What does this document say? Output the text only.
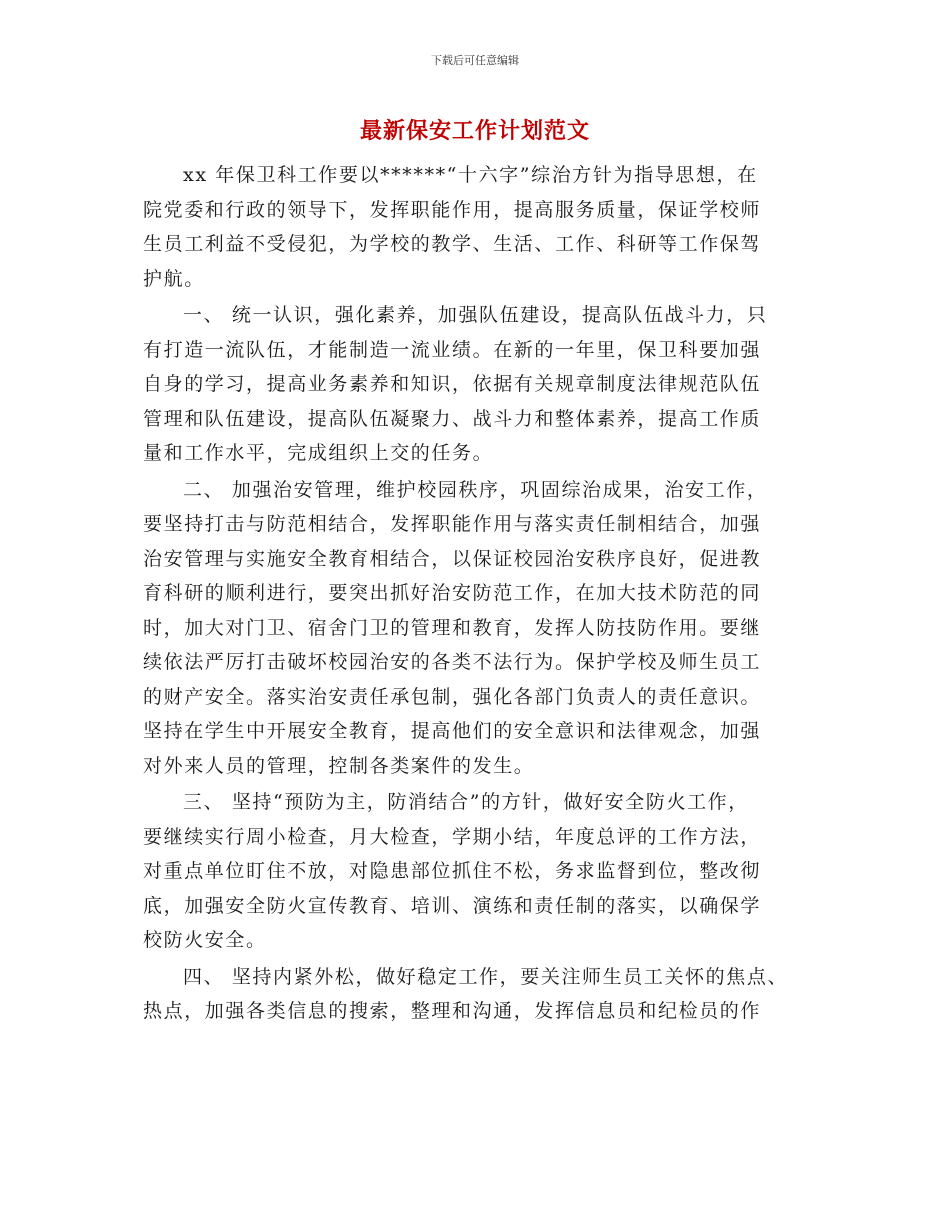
下载后可任意编辑
最新保安工作计划范文

xx 年保卫科工作要以******“十六字”综治方针为指导思想，在
院党委和行政的领导下，发挥职能作用，提高服务质量，保证学校师
生员工利益不受侵犯，为学校的教学、生活、工作、科研等工作保驾
护航。

一、 统一认识，强化素养，加强队伍建设，提高队伍战斗力，只
有打造一流队伍，才能制造一流业绩。在新的一年里，保卫科要加强
自身的学习，提高业务素养和知识，依据有关规章制度法律规范队伍
管理和队伍建设，提高队伍凝聚力、战斗力和整体素养，提高工作质
量和工作水平，完成组织上交的任务。

二、 加强治安管理，维护校园秩序，巩固综治成果，治安工作，
要坚持打击与防范相结合，发挥职能作用与落实责任制相结合，加强
治安管理与实施安全教育相结合，以保证校园治安秩序良好，促进教
育科研的顺利进行，要突出抓好治安防范工作，在加大技术防范的同
时，加大对门卫、宿舍门卫的管理和教育，发挥人防技防作用。要继
续依法严厉打击破坏校园治安的各类不法行为。保护学校及师生员工
的财产安全。落实治安责任承包制，强化各部门负责人的责任意识。
坚持在学生中开展安全教育，提高他们的安全意识和法律观念，加强
对外来人员的管理，控制各类案件的发生。

三、 坚持“预防为主，防消结合”的方针，做好安全防火工作，
要继续实行周小检查，月大检查，学期小结，年度总评的工作方法，
对重点单位盯住不放，对隐患部位抓住不松，务求监督到位，整改彻
底，加强安全防火宣传教育、培训、演练和责任制的落实，以确保学
校防火安全。

四、 坚持内紧外松，做好稳定工作，要关注师生员工关怀的焦点、
热点，加强各类信息的搜索，整理和沟通，发挥信息员和纪检员的作
